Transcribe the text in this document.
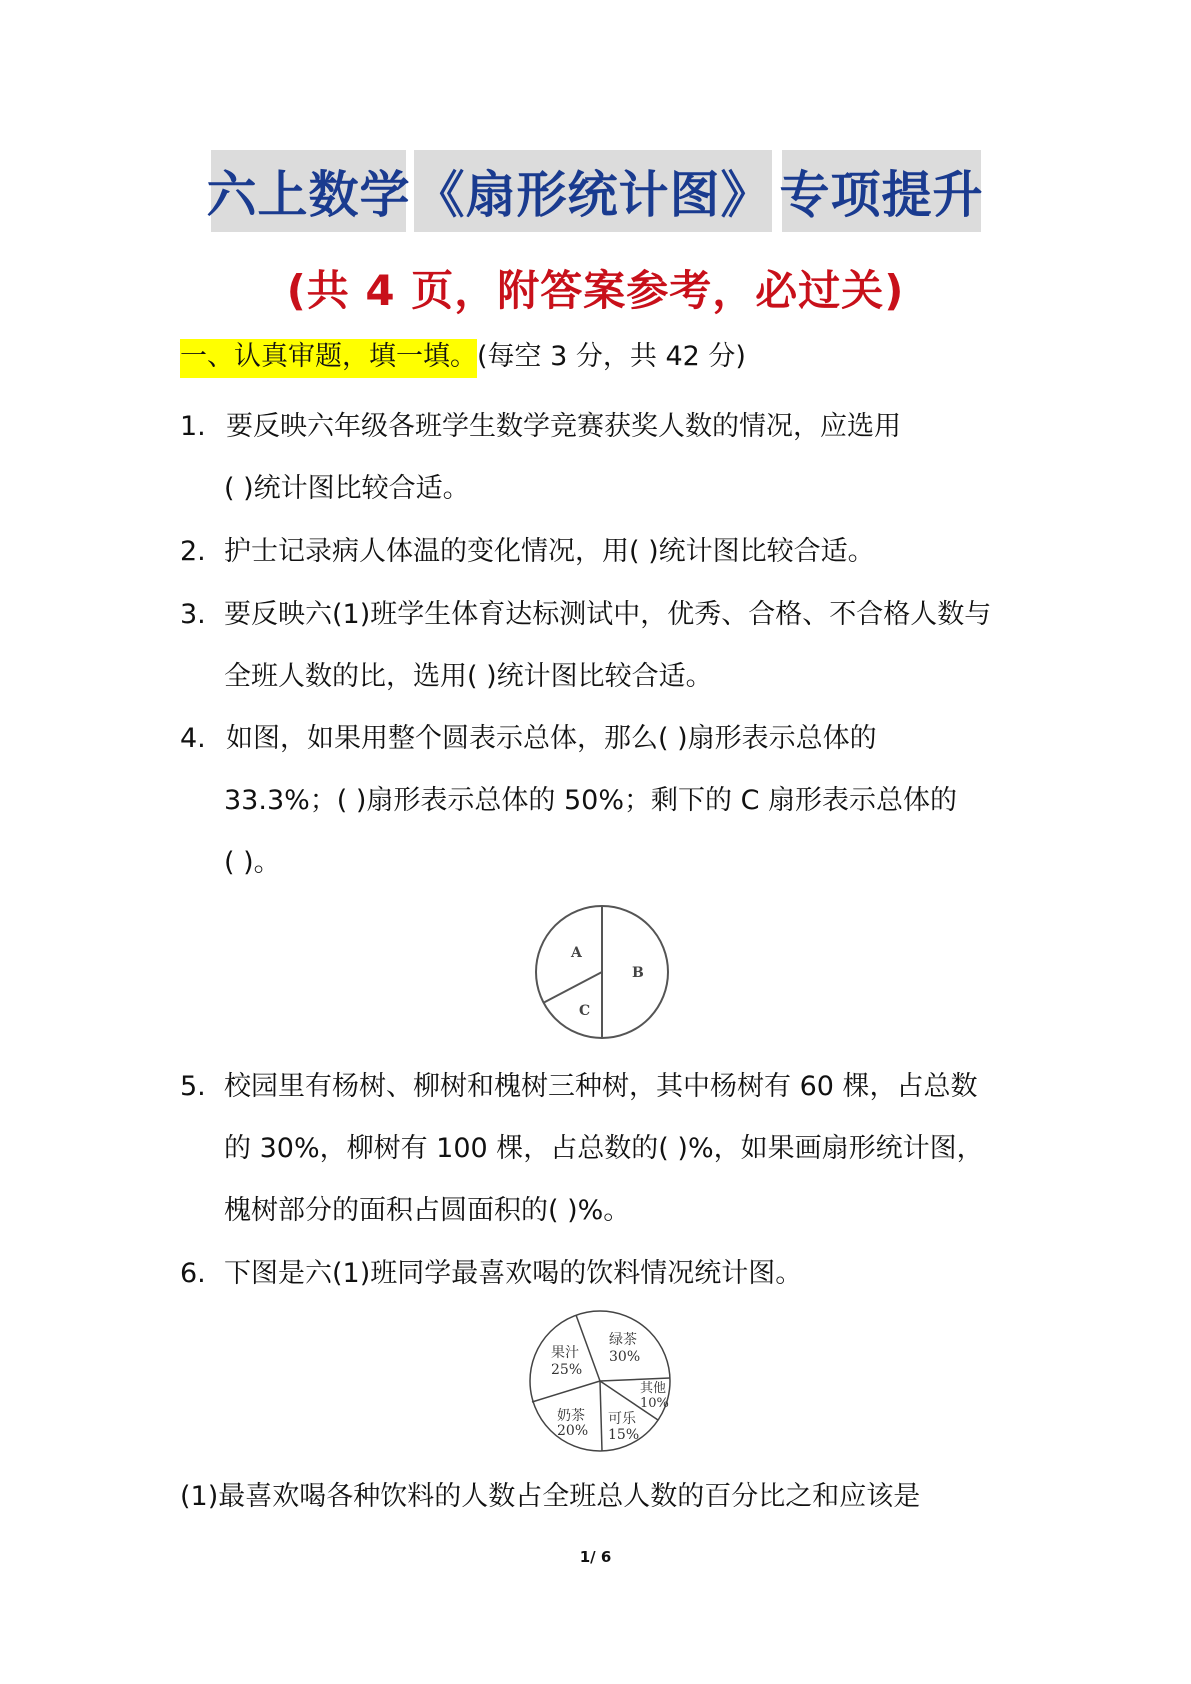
六上数学 《扇形统计图》 专项提升
(共 4 页，附答案参考，必过关)
一、认真审题，填一填。(每空 3 分，共 42 分)
1. 要反映六年级各班学生数学竞赛获奖人数的情况，应选用
( )统计图比较合适。
2. 护士记录病人体温的变化情况，用( )统计图比较合适。
3. 要反映六(1)班学生体育达标测试中，优秀、合格、不合格人数与
全班人数的比，选用( )统计图比较合适。
4. 如图，如果用整个圆表示总体，那么( )扇形表示总体的
33.3%；( )扇形表示总体的 50%；剩下的 C 扇形表示总体的
( )。
A
B
C
5. 校园里有杨树、柳树和槐树三种树，其中杨树有 60 棵，占总数
的 30%，柳树有 100 棵，占总数的( )%，如果画扇形统计图，
槐树部分的面积占圆面积的( )%。
6. 下图是六(1)班同学最喜欢喝的饮料情况统计图。
绿茶
30%
其他
10%
可乐
15%
奶茶
20%
果汁
25%
(1)最喜欢喝各种饮料的人数占全班总人数的百分比之和应该是
1/ 6
